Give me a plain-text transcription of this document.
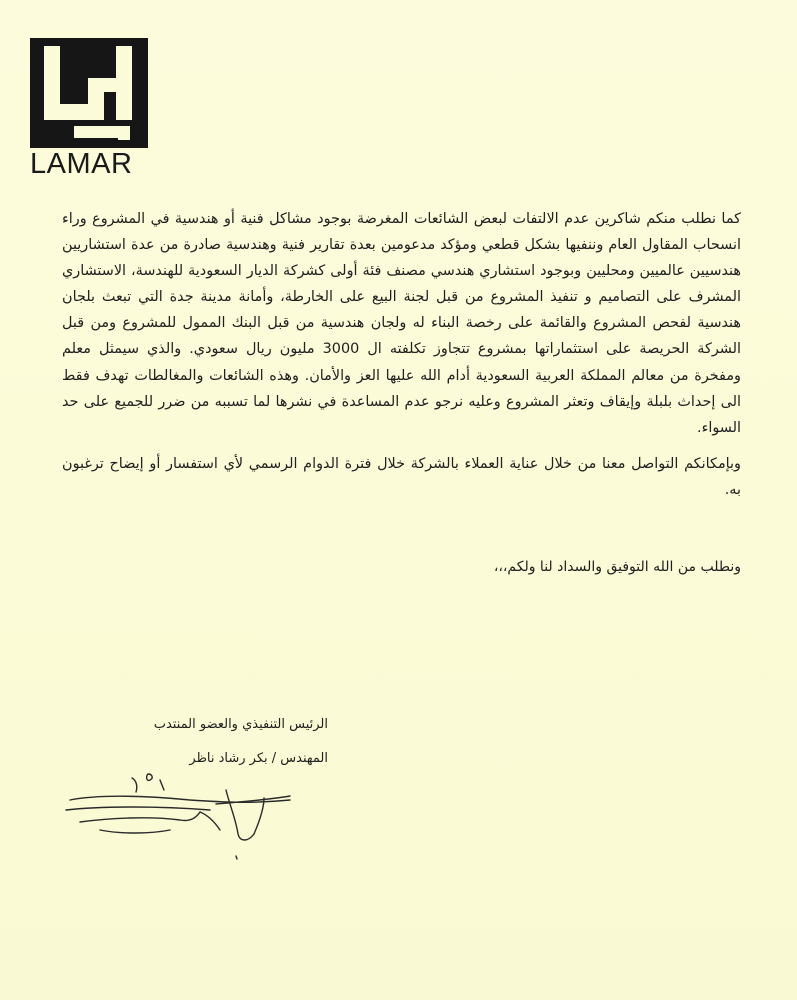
LAMAR

كما نطلب منكم شاكرين عدم الالتفات لبعض الشائعات المغرضة بوجود مشاكل فنية أو هندسية في المشروع وراء انسحاب المقاول العام وننفيها بشكل قطعي ومؤكد مدعومين بعدة تقارير فنية وهندسية صادرة من عدة استشاريين هندسيين عالميين ومحليين وبوجود استشاري هندسي مصنف فئة أولى كشركة الديار السعودية للهندسة، الاستشاري المشرف على التصاميم و تنفيذ المشروع من قبل لجنة البيع على الخارطة، وأمانة مدينة جدة التي تبعث بلجان هندسية لفحص المشروع والقائمة على رخصة البناء له ولجان هندسية من قبل البنك الممول للمشروع ومن قبل الشركة الحريصة على استثماراتها بمشروع تتجاوز تكلفته ال 3000 مليون ريال سعودي. والذي سيمثل معلم ومفخرة من معالم المملكة العربية السعودية أدام الله عليها العز والأمان. وهذه الشائعات والمغالطات تهدف فقط الى إحداث بلبلة وإيقاف وتعثر المشروع وعليه نرجو عدم المساعدة في نشرها لما تسببه من ضرر للجميع على حد السواء.

وبإمكانكم التواصل معنا من خلال عناية العملاء بالشركة خلال فترة الدوام الرسمي لأي استفسار أو إيضاح ترغبون به.

ونطلب من الله التوفيق والسداد لنا ولكم،،،
الرئيس التنفيذي والعضو المنتدب
المهندس / بكر رشاد ناظر
